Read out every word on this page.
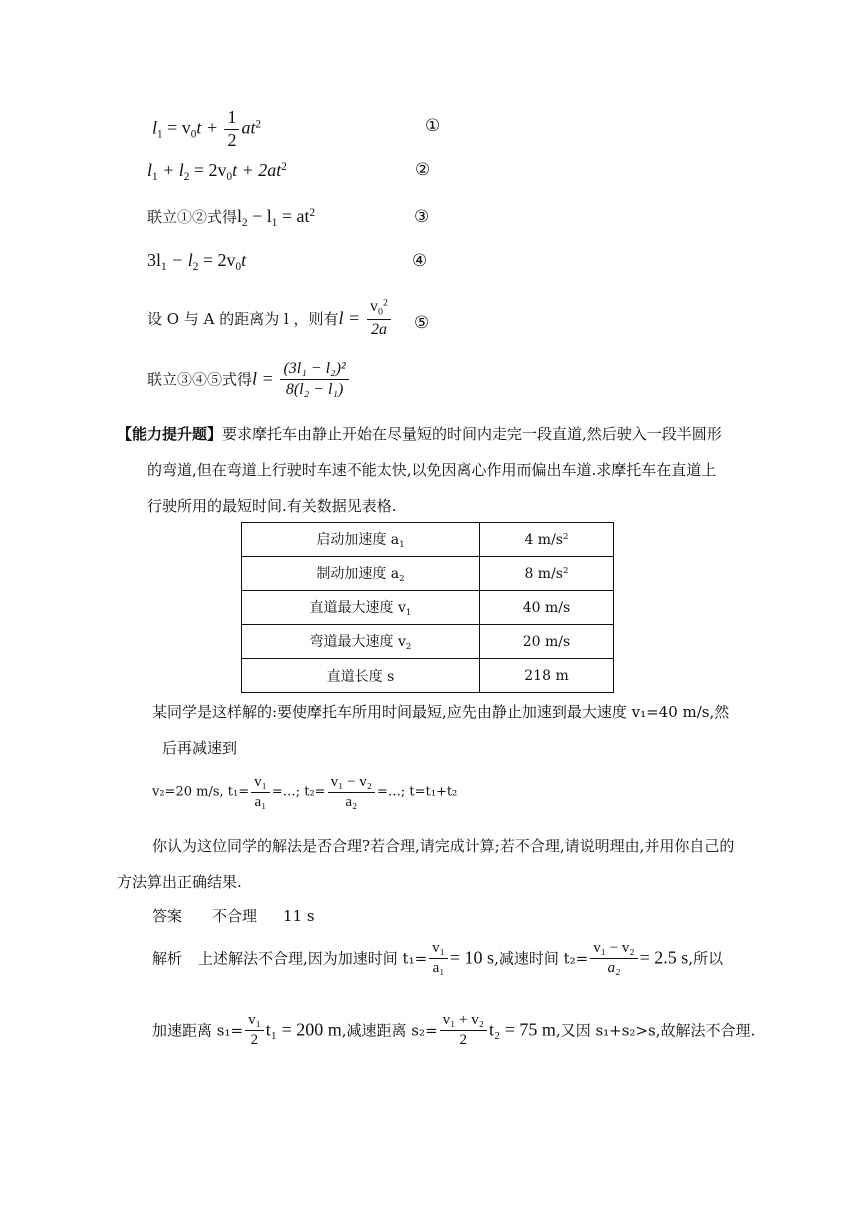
$l_1 = v_0t + \frac{1}{2} at^2$	①
$l_1 + l_2 = 2v_0t + 2at^2$	②
联立①②式得$l_2 - l_1 = at^2$	③
$3l_1 - l_2 = 2v_0t$	④
设 O 与 A 的距离为 l ，则有$l = \frac{v_0^2}{2a}$ ⑤
联立③④⑤式得$l = \frac{\text{(3l₁ − l₂)²}}{\text{8(l₂ − l₁)}}$
【能力提升题】要求摩托车由静止开始在尽量短的时间内走完一段直道,然后驶入一段半圆形
的弯道,但在弯道上行驶时车速不能太快,以免因离心作用而偏出车道.求摩托车在直道上
行驶所用的最短时间.有关数据见表格.
启动加速度 $a_1$	4 $m/s^2$
制动加速度 $a_2$	8 $m/s^2$
直道最大速度 $v_1$	40 m/s
弯道最大速度 $v_2$	20 m/s
直道长度 s	218 m
某同学是这样解的:要使摩托车所用时间最短,应先由静止加速到最大速度 v₁=40 m/s,然
后再减速到
v₂=20 m/s, $t_1= \frac{\text{v₁}}{\text{a₁}}$ =…; $t_2= \frac{\text{v₁ − v₂}}{\text{a₂}}$ =…; t=t₁+t₂
你认为这位同学的解法是否合理?若合理,请完成计算;若不合理,请说明理由,并用你自己的
方法算出正确结果.
答案 不合理 11 s
解析 上述解法不合理,因为加速时间 $t_1= \frac{\text{v₁}}{\text{a₁}} = 10$ s,减速时间 $t_2= \frac{\text{v₁ − v₂}}{\text{a₂}} = 2.5$ s,所以
加速距离 $s_1= \frac{\text{v₁}}{2} t_1 = 200$ m,减速距离 $s_2= \frac{\text{v₁ + v₂}}{2} t_2 = 75$ m,又因 s₁+s₂>s,故解法不合理.
